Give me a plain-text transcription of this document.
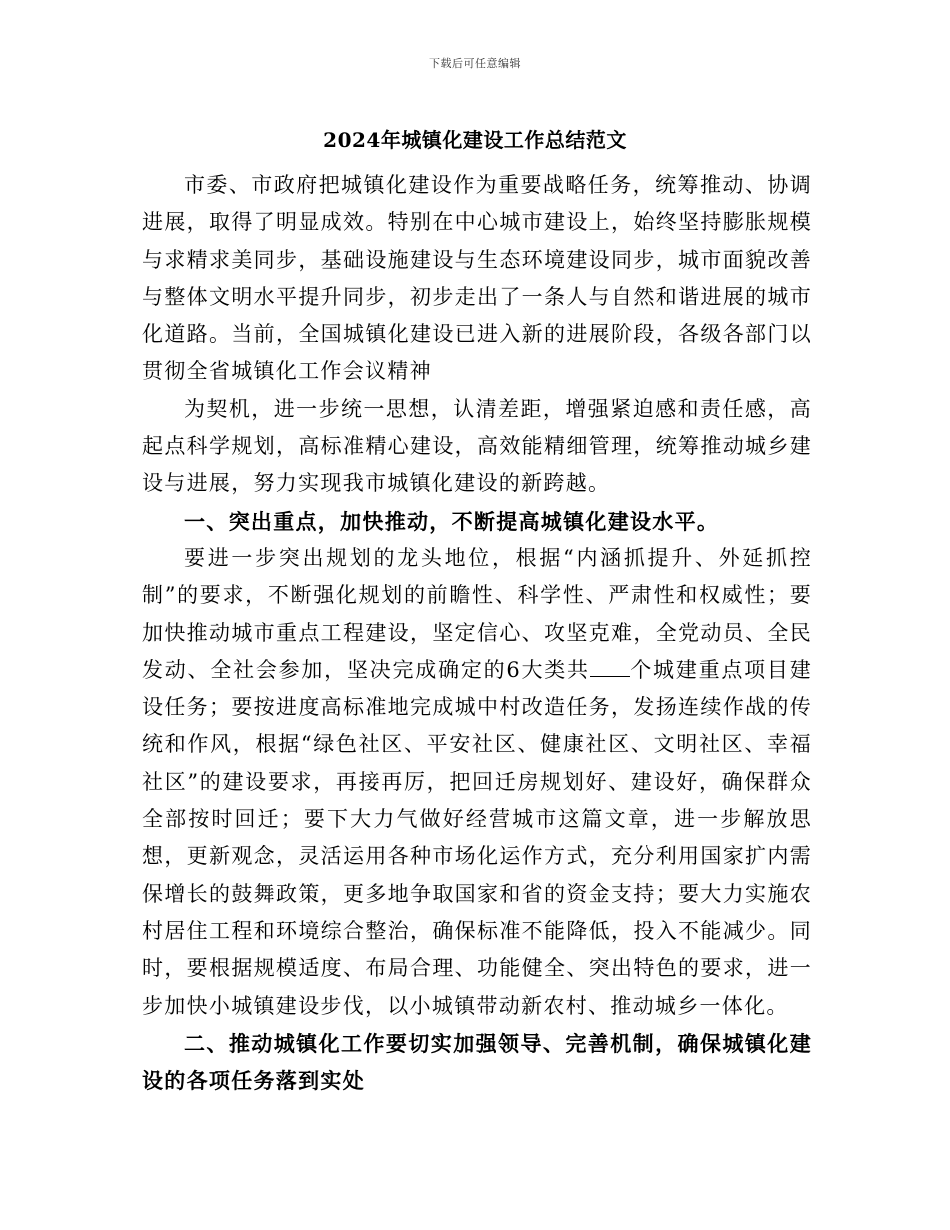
下载后可任意编辑
2024年城镇化建设工作总结范文

市委、市政府把城镇化建设作为重要战略任务，统筹推动、协调进展，取得了明显成效。特别在中心城市建设上，始终坚持膨胀规模与求精求美同步，基础设施建设与生态环境建设同步，城市面貌改善与整体文明水平提升同步，初步走出了一条人与自然和谐进展的城市化道路。当前，全国城镇化建设已进入新的进展阶段，各级各部门以贯彻全省城镇化工作会议精神

为契机，进一步统一思想，认清差距，增强紧迫感和责任感，高起点科学规划，高标准精心建设，高效能精细管理，统筹推动城乡建设与进展，努力实现我市城镇化建设的新跨越。

一、突出重点，加快推动，不断提高城镇化建设水平。

要进一步突出规划的龙头地位，根据“内涵抓提升、外延抓控制”的要求，不断强化规划的前瞻性、科学性、严肃性和权威性；要加快推动城市重点工程建设，坚定信心、攻坚克难，全党动员、全民发动、全社会参加，坚决完成确定的6大类共 个城建重点项目建设任务；要按进度高标准地完成城中村改造任务，发扬连续作战的传统和作风，根据“绿色社区、平安社区、健康社区、文明社区、幸福社区”的建设要求，再接再厉，把回迁房规划好、建设好，确保群众全部按时回迁；要下大力气做好经营城市这篇文章，进一步解放思想，更新观念，灵活运用各种市场化运作方式，充分利用国家扩内需保增长的鼓舞政策，更多地争取国家和省的资金支持；要大力实施农村居住工程和环境综合整治，确保标准不能降低，投入不能减少。同时，要根据规模适度、布局合理、功能健全、突出特色的要求，进一步加快小城镇建设步伐，以小城镇带动新农村、推动城乡一体化。

二、推动城镇化工作要切实加强领导、完善机制，确保城镇化建设的各项任务落到实处
